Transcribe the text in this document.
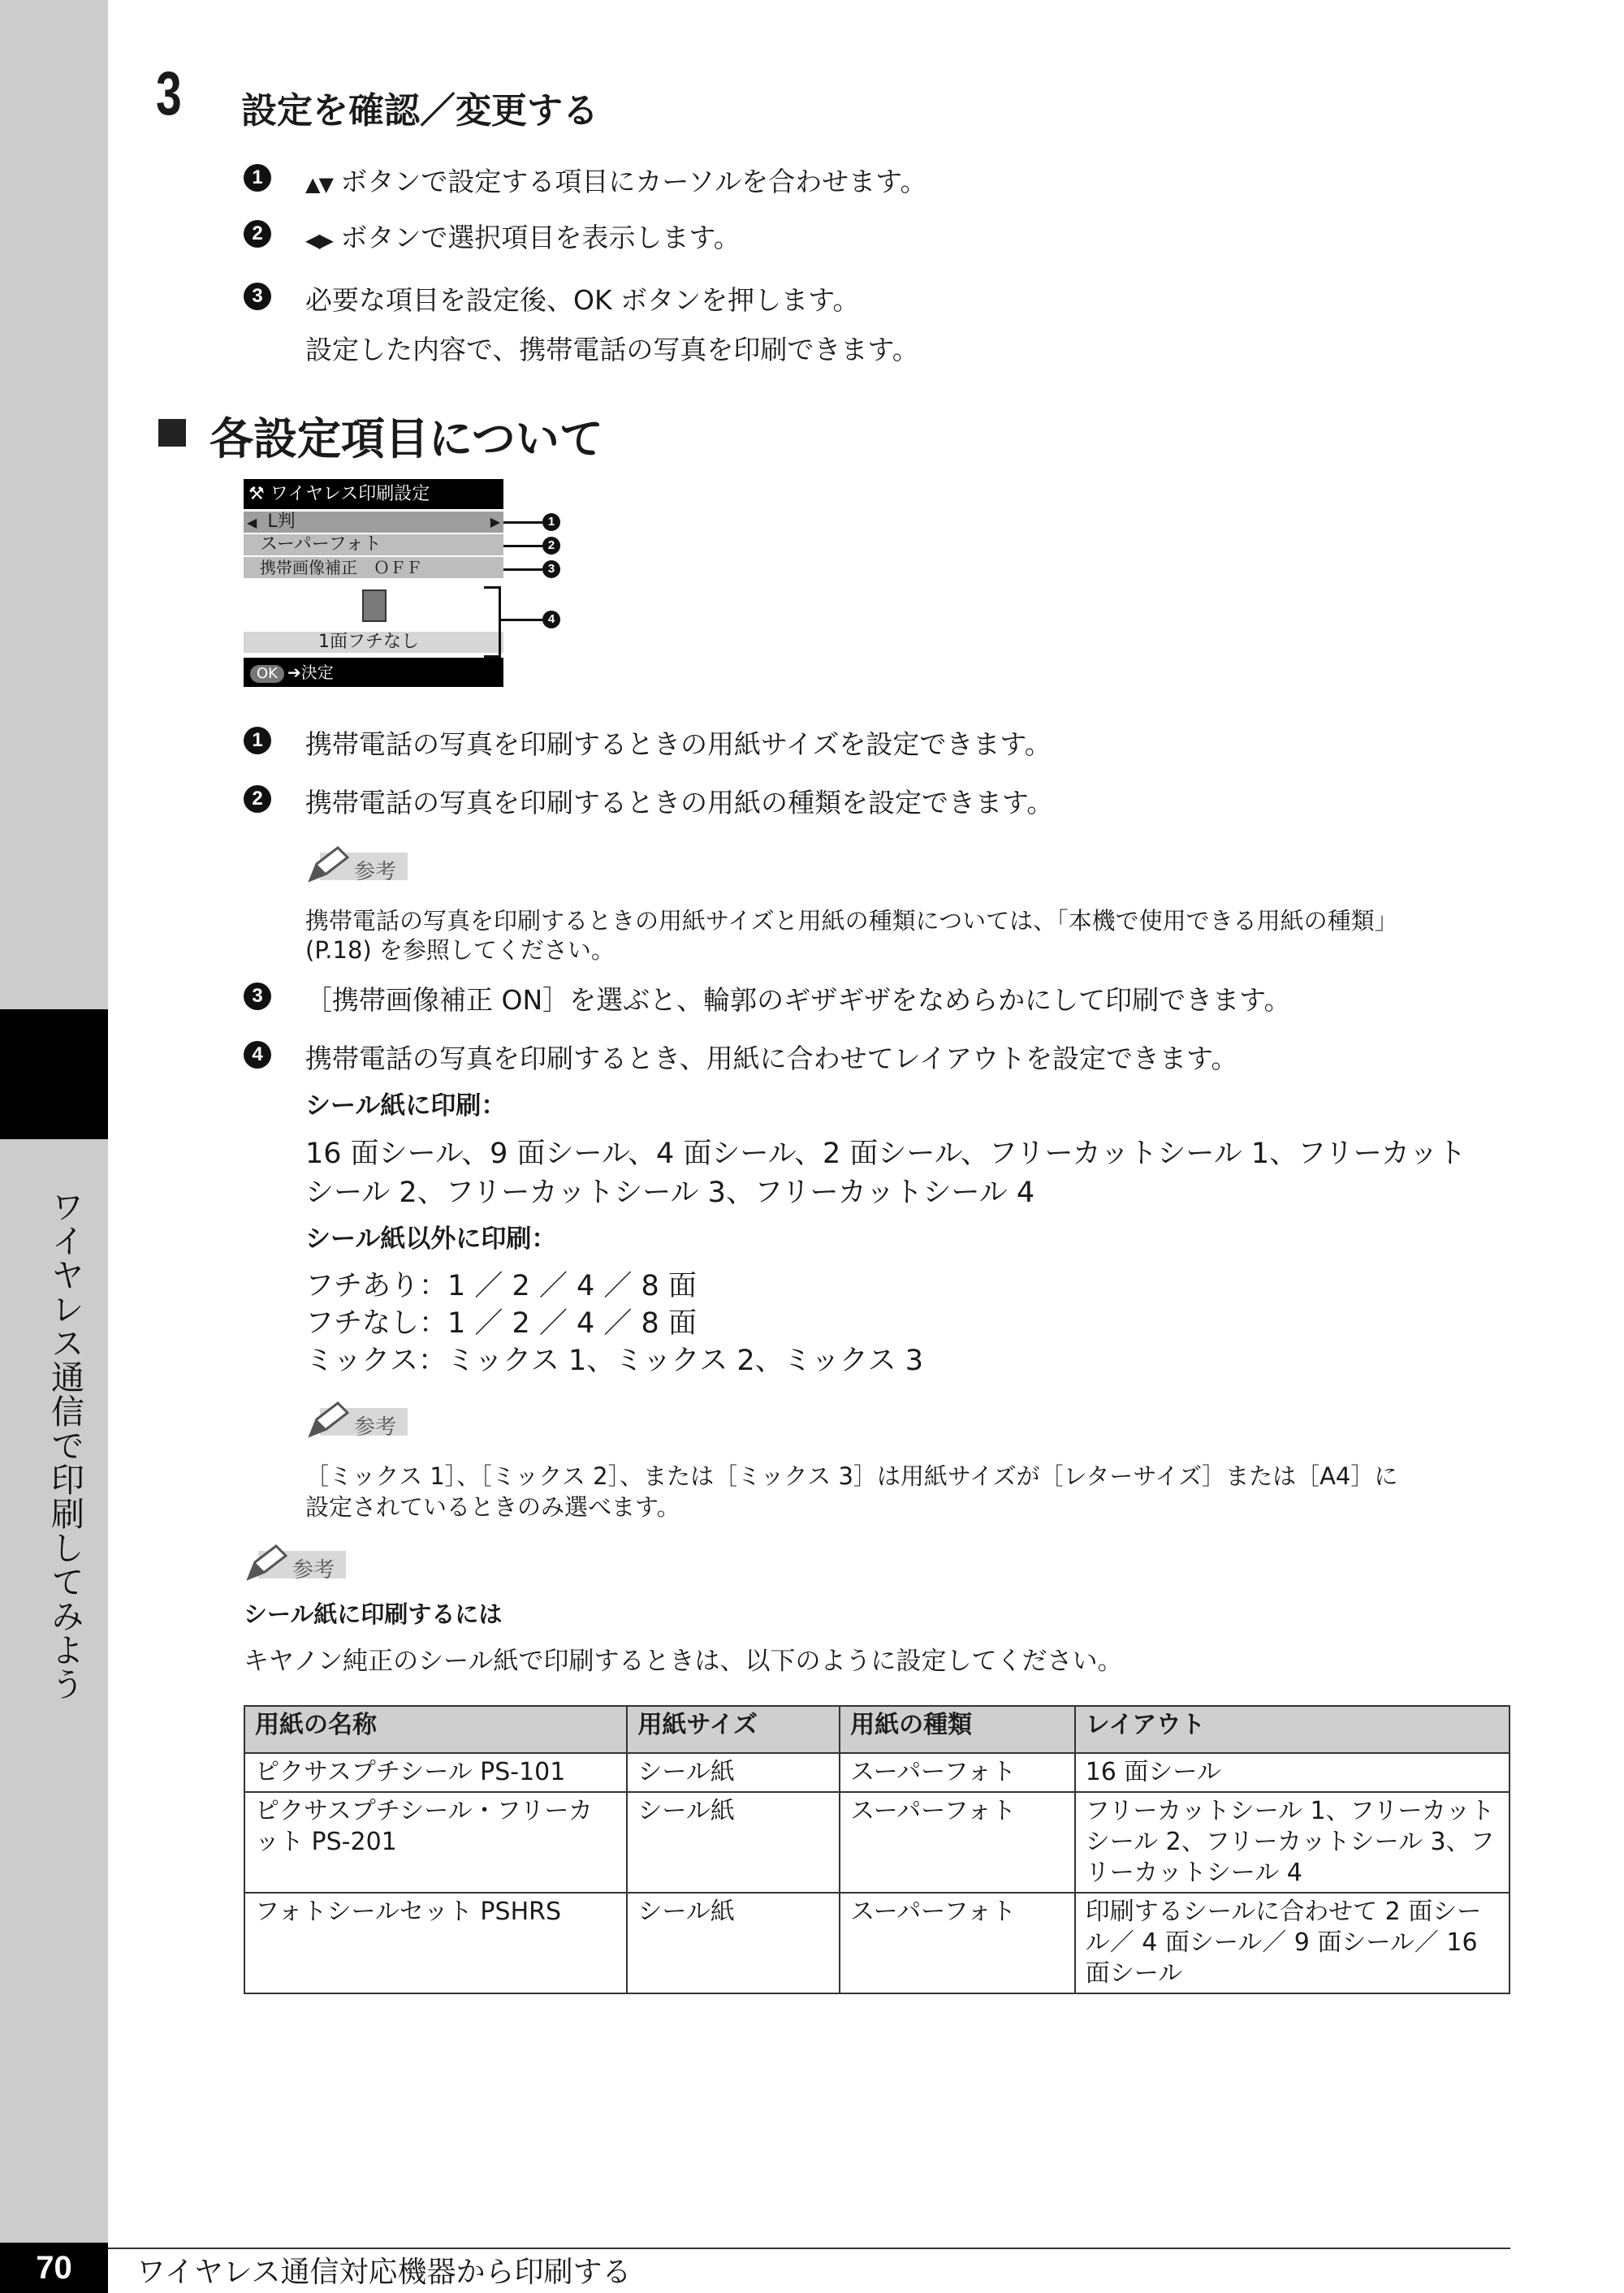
ワイヤレス通信で印刷してみよう
3 設定を確認／変更する
1	▲▼ ボタンで設定する項目にカーソルを合わせます。
2	◀▶ ボタンで選択項目を表示します。
3	必要な項目を設定後、OK ボタンを押します。
設定した内容で、携帯電話の写真を印刷できます。
各設定項目について
⚒ ワイヤレス印刷設定
◀ L判	▶
スーパーフォト
携帯画像補正　ＯＦＦ
1面フチなし
OK ➔決定
1
2
3
4
1	携帯電話の写真を印刷するときの用紙サイズを設定できます。
2	携帯電話の写真を印刷するときの用紙の種類を設定できます。
参考
携帯電話の写真を印刷するときの用紙サイズと用紙の種類については、「本機で使用できる用紙の種類」
(P.18) を参照してください。
3	［携帯画像補正 ON］を選ぶと、輪郭のギザギザをなめらかにして印刷できます。
4	携帯電話の写真を印刷するとき、用紙に合わせてレイアウトを設定できます。
シール紙に印刷：
16 面シール、9 面シール、4 面シール、2 面シール、フリーカットシール 1、フリーカット
シール 2、フリーカットシール 3、フリーカットシール 4
シール紙以外に印刷：
フチあり：1 ／ 2 ／ 4 ／ 8 面
フチなし：1 ／ 2 ／ 4 ／ 8 面
ミックス：ミックス 1、ミックス 2、ミックス 3
参考
［ミックス 1］、［ミックス 2］、または［ミックス 3］は用紙サイズが［レターサイズ］または［A4］に
設定されているときのみ選べます。
参考
シール紙に印刷するには
キヤノン純正のシール紙で印刷するときは、以下のように設定してください。
用紙の名称	用紙サイズ	用紙の種類	レイアウト
ピクサスプチシール PS-101	シール紙	スーパーフォト	16 面シール
ピクサスプチシール・フリーカット PS-201	シール紙	スーパーフォト	フリーカットシール 1、フリーカットシール 2、フリーカットシール 3、フリーカットシール 4
フォトシールセット PSHRS	シール紙	スーパーフォト	印刷するシールに合わせて 2 面シール／ 4 面シール／ 9 面シール／ 16 面シール
70	ワイヤレス通信対応機器から印刷する
